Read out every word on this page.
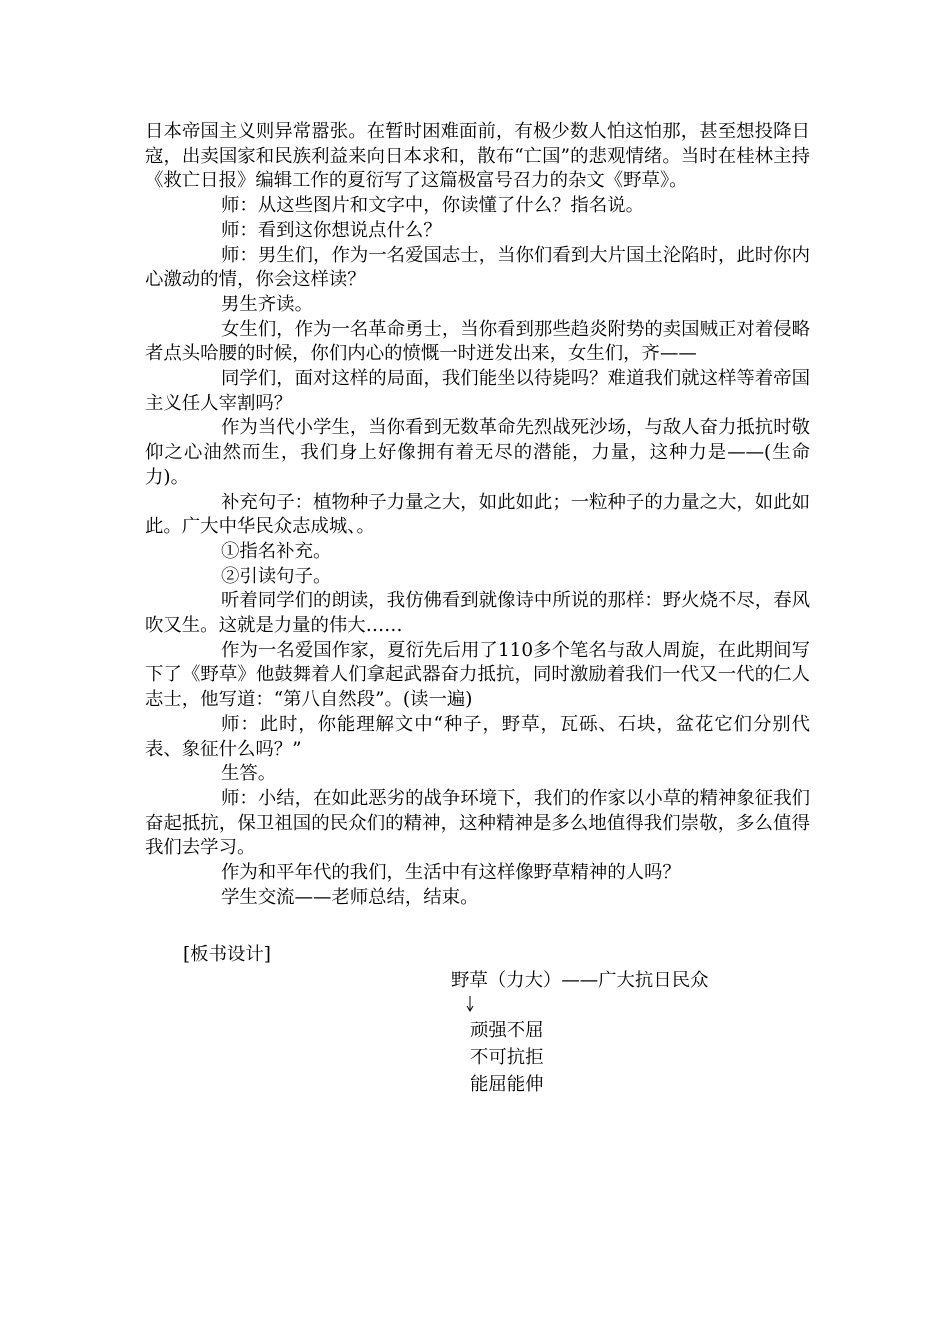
日本帝国主义则异常嚣张。在暂时困难面前，有极少数人怕这怕那，甚至想投降日寇，出卖国家和民族利益来向日本求和，散布“亡国”的悲观情绪。当时在桂林主持《救亡日报》编辑工作的夏衍写了这篇极富号召力的杂文《野草》。

师：从这些图片和文字中，你读懂了什么？指名说。

师：看到这你想说点什么？

师：男生们，作为一名爱国志士，当你们看到大片国土沦陷时，此时你内心激动的情，你会这样读？

男生齐读。

女生们，作为一名革命勇士，当你看到那些趋炎附势的卖国贼正对着侵略者点头哈腰的时候，你们内心的愤慨一时迸发出来，女生们，齐——

同学们，面对这样的局面，我们能坐以待毙吗？难道我们就这样等着帝国主义任人宰割吗？

作为当代小学生，当你看到无数革命先烈战死沙场，与敌人奋力抵抗时敬仰之心油然而生，我们身上好像拥有着无尽的潜能，力量，这种力是——(生命力)。

补充句子：植物种子力量之大，如此如此；一粒种子的力量之大，如此如此。广大中华民众志成城、。

①指名补充。

②引读句子。

听着同学们的朗读，我仿佛看到就像诗中所说的那样：野火烧不尽，春风吹又生。这就是力量的伟大……

作为一名爱国作家，夏衍先后用了110多个笔名与敌人周旋，在此期间写下了《野草》他鼓舞着人们拿起武器奋力抵抗，同时激励着我们一代又一代的仁人志士，他写道：“第八自然段”。(读一遍)

师：此时，你能理解文中“种子，野草，瓦砾、石块，盆花它们分别代表、象征什么吗？”

生答。

师：小结，在如此恶劣的战争环境下，我们的作家以小草的精神象征我们奋起抵抗，保卫祖国的民众们的精神，这种精神是多么地值得我们崇敬，多么值得我们去学习。

作为和平年代的我们，生活中有这样像野草精神的人吗？

学生交流——老师总结，结束。

[板书设计]
野草（力大）——广大抗日民众
顽强不屈
不可抗拒
能屈能伸
